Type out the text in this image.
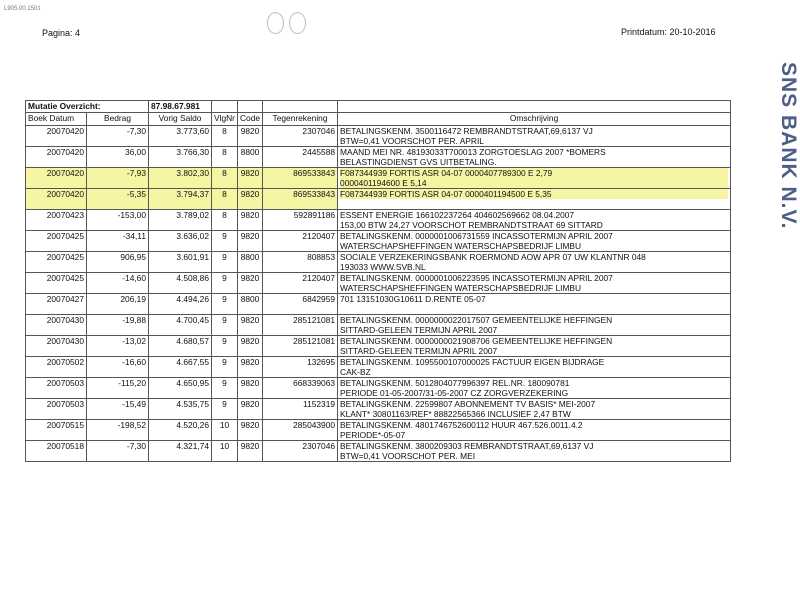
L905.00.1501
Pagina: 4	Printdatum: 20-10-2016
SNS BANK N.V.
Mutatie Overzicht:		87.98.67.981				
Boek Datum	Bedrag	Vorig Saldo	VlgNr	Code	Tegenrekening	Omschrijving
20070420	-7,30	3.773,60	8	9820	2307046	BETALINGSKENM. 3500116472 REMBRANDTSTRAAT,69,6137 VJ
BTW=0,41 VOORSCHOT PER. APRIL

20070420	36,00	3.766,30	8	8800	2445588	MAAND MEI NR. 48193033T700013 ZORGTOESLAG 2007 *BOMERS
BELASTINGDIENST GVS UITBETALING.

20070420	-7,93	3.802,30	8	9820	869533843	F087344939 FORTIS ASR 04-07 0000407789300 E 2,79
0000401194600 E 5,14

20070420	-5,35	3.794,37	8	9820	869533843	F087344939 FORTIS ASR 04-07 0000401194500 E 5,35

20070423	-153,00	3.789,02	8	9820	592891186	ESSENT ENERGIE 166102237264 404602569662 08.04.2007
153,00 BTW 24,27 VOORSCHOT REMBRANDTSTRAAT 69 SITTARD

20070425	-34,11	3.636,02	9	9820	2120407	BETALINGSKENM. 0000001006731559 INCASSOTERMIJN APRIL 2007
WATERSCHAPSHEFFINGEN WATERSCHAPSBEDRIJF LIMBU

20070425	906,95	3.601,91	9	8800	808853	SOCIALE VERZEKERINGSBANK ROERMOND AOW APR 07 UW KLANTNR 048
193033 WWW.SVB.NL

20070425	-14,60	4.508,86	9	9820	2120407	BETALINGSKENM. 0000001006223595 INCASSOTERMIJN APRIL 2007
WATERSCHAPSHEFFINGEN WATERSCHAPSBEDRIJF LIMBU

20070427	206,19	4.494,26	9	8800	6842959	701 13151030G10611 D.RENTE 05-07

20070430	-19,88	4.700,45	9	9820	285121081	BETALINGSKENM. 0000000022017507 GEMEENTELIJKE HEFFINGEN
SITTARD-GELEEN TERMIJN APRIL 2007

20070430	-13,02	4.680,57	9	9820	285121081	BETALINGSKENM. 0000000021908706 GEMEENTELIJKE HEFFINGEN
SITTARD-GELEEN TERMIJN APRIL 2007

20070502	-16,60	4.667,55	9	9820	132695	BETALINGSKENM. 1095500107000025 FACTUUR EIGEN BIJDRAGE
CAK-BZ

20070503	-115,20	4.650,95	9	9820	668339063	BETALINGSKENM. 5012804077996397 REL.NR. 180090781
PERIODE 01-05-2007/31-05-2007 CZ ZORGVERZEKERING

20070503	-15,49	4.535,75	9	9820	1152319	BETALINGSKENM. 22599807 ABONNEMENT TV BASIS* MEI-2007
KLANT* 30801163/REF* 88822565366 INCLUSIEF 2,47 BTW

20070515	-198,52	4.520,26	10	9820	285043900	BETALINGSKENM. 4801746752600112 HUUR 467.526.0011.4.2
PERIODE*-05-07

20070518	-7,30	4.321,74	10	9820	2307046	BETALINGSKENM. 3800209303 REMBRANDTSTRAAT,69,6137 VJ
BTW=0,41 VOORSCHOT PER. MEI
